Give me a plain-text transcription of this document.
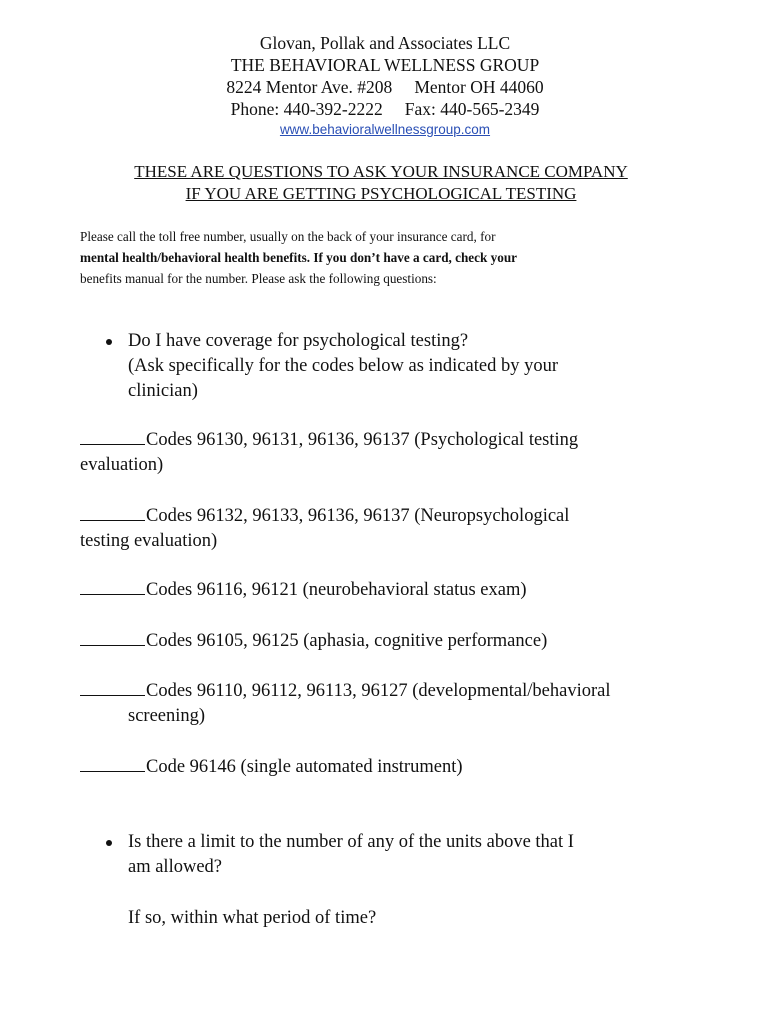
Glovan, Pollak and Associates LLC
THE BEHAVIORAL WELLNESS GROUP
8224 Mentor Ave. #208 Mentor OH 44060
Phone: 440-392-2222 Fax: 440-565-2349
www.behavioralwellnessgroup.com
THESE ARE QUESTIONS TO ASK YOUR INSURANCE COMPANY
IF YOU ARE GETTING PSYCHOLOGICAL TESTING
Please call the toll free number, usually on the back of your insurance card, for
mental health/behavioral health benefits. If you don’t have a card, check your
benefits manual for the number. Please ask the following questions:
Do I have coverage for psychological testing?
(Ask specifically for the codes below as indicated by your
clinician)
Codes 96130, 96131, 96136, 96137 (Psychological testing
evaluation)
Codes 96132, 96133, 96136, 96137 (Neuropsychological
testing evaluation)
Codes 96116, 96121 (neurobehavioral status exam)
Codes 96105, 96125 (aphasia, cognitive performance)
Codes 96110, 96112, 96113, 96127 (developmental/behavioral
screening)
Code 96146 (single automated instrument)
Is there a limit to the number of any of the units above that I
am allowed?
If so, within what period of time?
